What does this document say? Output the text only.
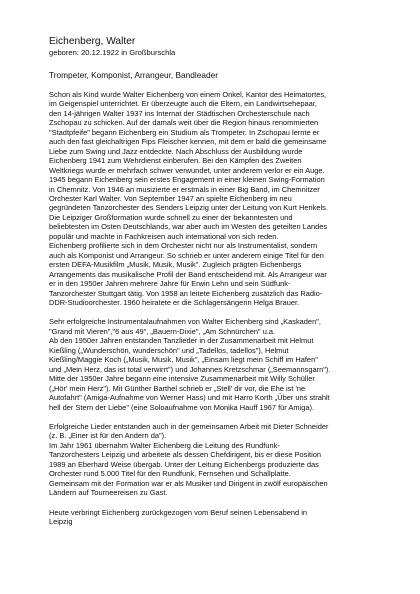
Eichenberg, Walter

geboren: 20.12.1922 in Großburschla

Trompeter, Komponist, Arrangeur, Bandleader

Schon als Kind wurde Walter Eichenberg von einem Onkel, Kantor des Heimatortes,
im Geigenspiel unterrichtet. Er überzeugte auch die Eltern, ein Landwirtsehepaar,
den 14-jährigen Walter 1937 ins Internat der Städtischen Orchesterschule nach
Zschopau zu schicken. Auf der damals weit über die Region hinaus renommierten
"Stadtpfeife" begann Eichenberg ein Studium als Trompeter. In Zschopau lernte er
auch den fast gleichaltrigen Fips Fleischer kennen, mit dem er bald die gemeinsame
Liebe zum Swing und Jazz entdeckte. Nach Abschluss der Ausbildung wurde
Eichenberg 1941 zum Wehrdienst einberufen. Bei den Kämpfen des Zweiten
Weltkriegs wurde er mehrfach schwer verwundet, unter anderem verlor er ein Auge.
1945 begann Eichenberg sein erstes Engagement in einer kleinen Swing-Formation
in Chemnitz. Von 1946 an musizierte er erstmals in einer Big Band, im Chemnitzer
Orchester Karl Walter. Von September 1947 an spielte Eichenberg im neu
gegründeten Tanzorchester des Senders Leipzig unter der Leitung von Kurt Henkels.
Die Leipziger Großformation wurde schnell zu einer der bekanntesten und
beliebtesten im Osten Deutschlands, war aber auch im Westen des geteilten Landes
populär und machte in Fachkreisen auch international von sich reden.
Eichenberg profilierte sich in dem Orchester nicht nur als Instrumentalist, sondern
auch als Komponist und Arrangeur. So schrieb er unter anderem einige Titel für den
ersten DEFA-Musikfilm „Musik, Musik, Musik". Zugleich prägten Eichenbergs
Arrangements das musikalische Profil der Band entscheidend mit. Als Arrangeur war
er in den 1950er Jahren mehrere Jahre für Erwin Lehn und sein Südfunk-
Tanzorchester Stuttgart tätig. Von 1958 an leitete Eichenberg zusätzlich das Radio-
DDR-Studioorchester. 1960 heiratete er die Schlagersängerin Helga Brauer.

Sehr erfolgreiche Instrumentalaufnahmen von Walter Eichenberg sind „Kaskaden",
"Grand mit Vieren","6 aus 49", „Bauern-Dixie", „Am Schnürchen" u.a.
Ab den 1950er Jahren entstanden Tanzlieder in der Zusammenarbeit mit Helmut
Kießling („Wunderschön, wunderschön" und „Tadellos, tadellos"), Helmut
Kießling/Maggie Koch („Musik, Musik, Musik", „Einsam liegt mein Schiff im Hafen"
und „Mein Herz, das ist total verwirrt") und Johannes Kretzschmar („Seemannsgarn").
Mitte der 1950er Jahre begann eine intensive Zusammenarbeit mit Willy Schüller
(„Hör' mein Herz"). Mit Günther Barthel schrieb er „Stell' dir vor, die Ehe ist 'ne
Autofahrt" (Amiga-Aufnahme von Werner Hass) und mit Harro Korth „Über uns strahlt
hell der Stern der Liebe" (eine Soloaufnahme von Monika Hauff 1967 für Amiga).

Erfolgreiche Lieder entstanden auch in der gemeinsamen Arbeit mit Dieter Schneider
(z. B. „Einer ist für den Andern da").
Im Jahr 1961 übernahm Walter Eichenberg die Leitung des Rundfunk-
Tanzorchesters Leipzig und arbeitete als dessen Chefdirigent, bis er diese Position
1989 an Eberhard Weise übergab. Unter der Leitung Eichenbergs produzierte das
Orchester rund 5.000 Titel für den Rundfunk, Fernsehen und Schallplatte.
Gemeinsam mit der Formation war er als Musiker und Dirigent in zwölf europäischen
Ländern auf Tourneereisen zu Gast.

Heute verbringt Eichenberg zurückgezogen vom Beruf seinen Lebensabend in
Leipzig
